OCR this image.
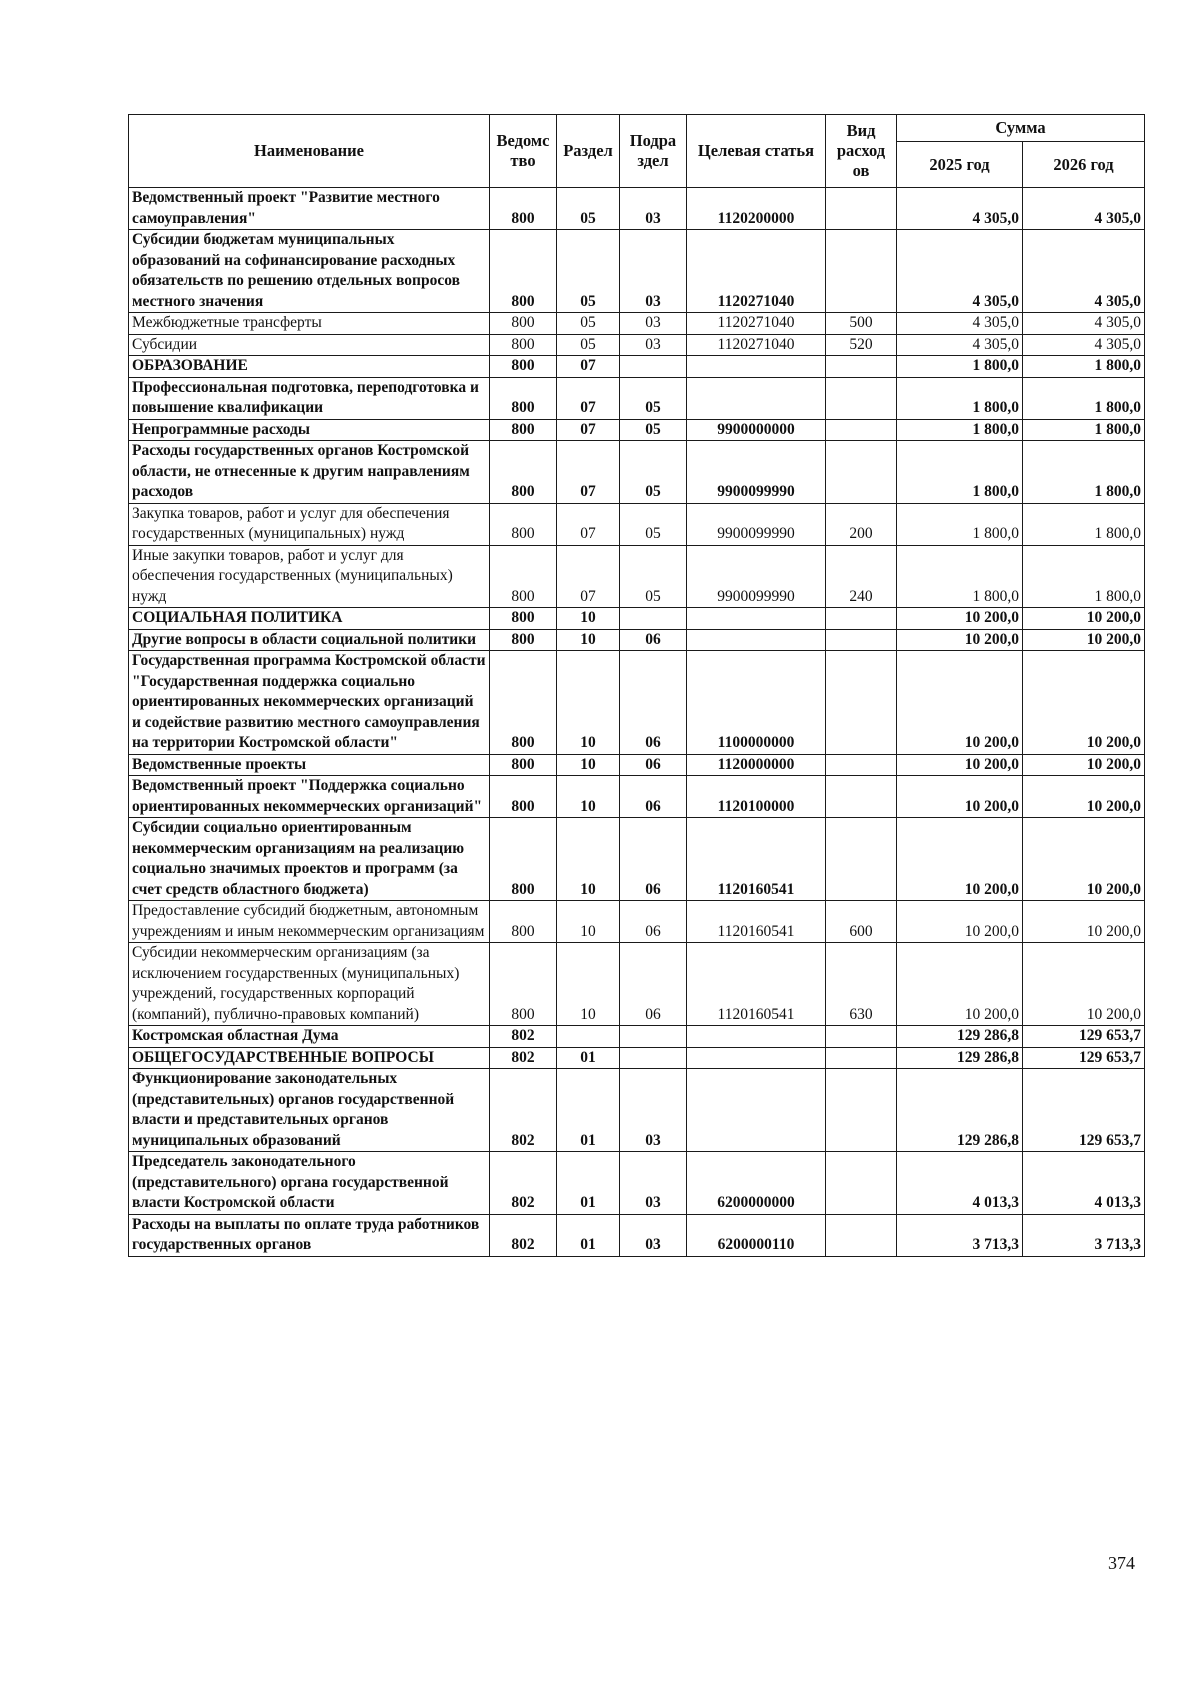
Наименование	Ведомс тво	Раздел	Подра здел	Целевая статья	Вид расход ов	Сумма	
						2025 год	2026 год
Ведомственный проект "Развитие местного самоуправления"	800	05	03	1120200000		4 305,0	4 305,0
Субсидии бюджетам муниципальных образований на софинансирование расходных обязательств по решению отдельных вопросов местного значения	800	05	03	1120271040		4 305,0	4 305,0
Межбюджетные трансферты	800	05	03	1120271040	500	4 305,0	4 305,0
Субсидии	800	05	03	1120271040	520	4 305,0	4 305,0
ОБРАЗОВАНИЕ	800	07				1 800,0	1 800,0
Профессиональная подготовка, переподготовка и повышение квалификации	800	07	05			1 800,0	1 800,0
Непрограммные расходы	800	07	05	9900000000		1 800,0	1 800,0
Расходы государственных органов Костромской области, не отнесенные к другим направлениям расходов	800	07	05	9900099990		1 800,0	1 800,0
Закупка товаров, работ и услуг для обеспечения государственных (муниципальных) нужд	800	07	05	9900099990	200	1 800,0	1 800,0
Иные закупки товаров, работ и услуг для обеспечения государственных (муниципальных) нужд	800	07	05	9900099990	240	1 800,0	1 800,0
СОЦИАЛЬНАЯ ПОЛИТИКА	800	10				10 200,0	10 200,0
Другие вопросы в области социальной политики	800	10	06			10 200,0	10 200,0
Государственная программа Костромской области "Государственная поддержка социально ориентированных некоммерческих организаций и содействие развитию местного самоуправления на территории Костромской области"	800	10	06	1100000000		10 200,0	10 200,0
Ведомственные проекты	800	10	06	1120000000		10 200,0	10 200,0
Ведомственный проект "Поддержка социально ориентированных некоммерческих организаций"	800	10	06	1120100000		10 200,0	10 200,0
Субсидии социально ориентированным некоммерческим организациям на реализацию социально значимых проектов и программ (за счет средств областного бюджета)	800	10	06	1120160541		10 200,0	10 200,0
Предоставление субсидий бюджетным, автономным учреждениям и иным некоммерческим организациям	800	10	06	1120160541	600	10 200,0	10 200,0
Субсидии некоммерческим организациям (за исключением государственных (муниципальных) учреждений, государственных корпораций (компаний), публично-правовых компаний)	800	10	06	1120160541	630	10 200,0	10 200,0
Костромская областная Дума	802					129 286,8	129 653,7
ОБЩЕГОСУДАРСТВЕННЫЕ ВОПРОСЫ	802	01				129 286,8	129 653,7
Функционирование законодательных (представительных) органов государственной власти и представительных органов муниципальных образований	802	01	03			129 286,8	129 653,7
Председатель законодательного (представительного) органа государственной власти Костромской области	802	01	03	6200000000		4 013,3	4 013,3
Расходы на выплаты по оплате труда работников государственных органов	802	01	03	6200000110		3 713,3	3 713,3
374
